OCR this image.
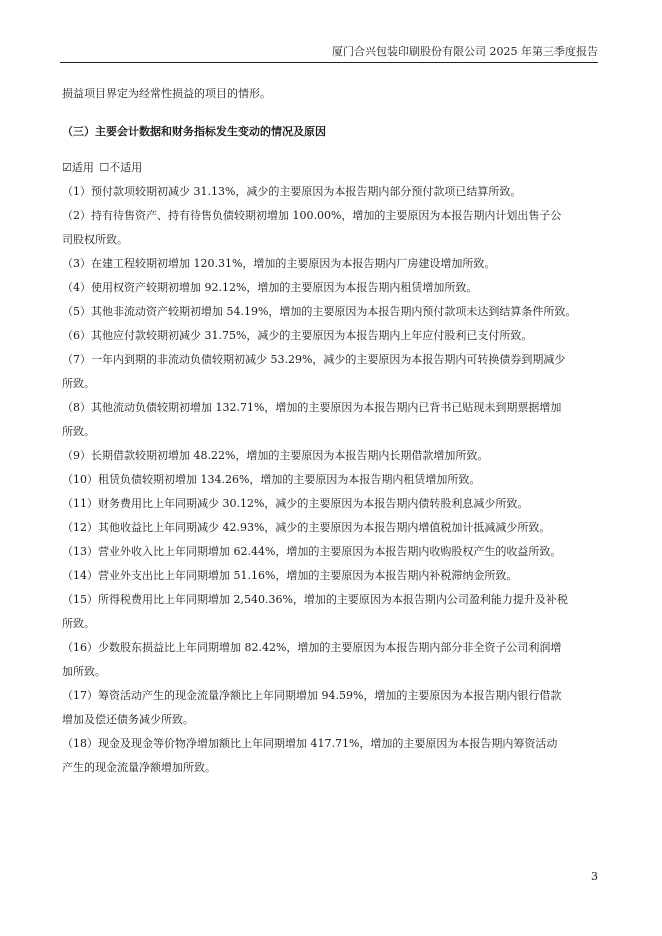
厦门合兴包装印刷股份有限公司 2025 年第三季度报告
损益项目界定为经常性损益的项目的情形。
（三）主要会计数据和财务指标发生变动的情况及原因
☑适用 ☐不适用
（1）预付款项较期初减少 31.13%，减少的主要原因为本报告期内部分预付款项已结算所致。
（2）持有待售资产、持有待售负债较期初增加 100.00%，增加的主要原因为本报告期内计划出售子公
司股权所致。
（3）在建工程较期初增加 120.31%，增加的主要原因为本报告期内厂房建设增加所致。
（4）使用权资产较期初增加 92.12%，增加的主要原因为本报告期内租赁增加所致。
（5）其他非流动资产较期初增加 54.19%，增加的主要原因为本报告期内预付款项未达到结算条件所致。
（6）其他应付款较期初减少 31.75%，减少的主要原因为本报告期内上年应付股利已支付所致。
（7）一年内到期的非流动负债较期初减少 53.29%，减少的主要原因为本报告期内可转换债券到期减少
所致。
（8）其他流动负债较期初增加 132.71%，增加的主要原因为本报告期内已背书已贴现未到期票据增加
所致。
（9）长期借款较期初增加 48.22%，增加的主要原因为本报告期内长期借款增加所致。
（10）租赁负债较期初增加 134.26%，增加的主要原因为本报告期内租赁增加所致。
（11）财务费用比上年同期减少 30.12%，减少的主要原因为本报告期内债转股利息减少所致。
（12）其他收益比上年同期减少 42.93%，减少的主要原因为本报告期内增值税加计抵减减少所致。
（13）营业外收入比上年同期增加 62.44%，增加的主要原因为本报告期内收购股权产生的收益所致。
（14）营业外支出比上年同期增加 51.16%，增加的主要原因为本报告期内补税滞纳金所致。
（15）所得税费用比上年同期增加 2,540.36%，增加的主要原因为本报告期内公司盈利能力提升及补税
所致。
（16）少数股东损益比上年同期增加 82.42%，增加的主要原因为本报告期内部分非全资子公司利润增
加所致。
（17）筹资活动产生的现金流量净额比上年同期增加 94.59%，增加的主要原因为本报告期内银行借款
增加及偿还债务减少所致。
（18）现金及现金等价物净增加额比上年同期增加 417.71%，增加的主要原因为本报告期内筹资活动
产生的现金流量净额增加所致。
3
